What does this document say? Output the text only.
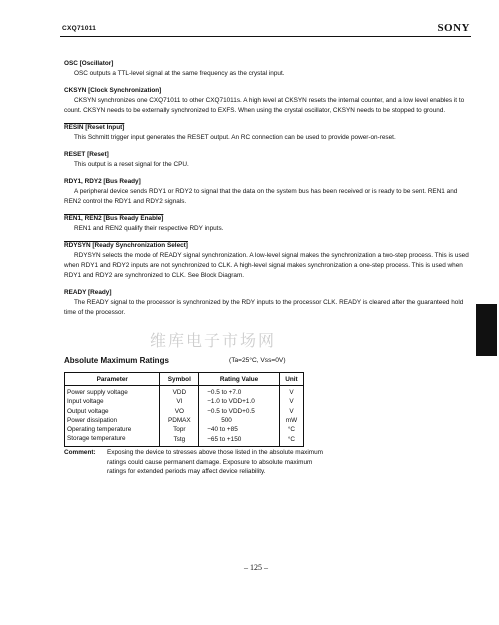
CXQ71011	SONY
OSC [Oscillator]
OSC outputs a TTL-level signal at the same frequency as the crystal input.
CKSYN [Clock Synchronization]
CKSYN synchronizes one CXQ71011 to other CXQ71011s. A high level at CKSYN resets the internal counter, and a low level enables it to count. CKSYN needs to be externally synchronized to EXFS. When using the crystal oscillator, CKSYN needs to be stopped to ground.
RESIN [Reset Input]
This Schmitt trigger input generates the RESET output. An RC connection can be used to provide power-on-reset.
RESET [Reset]
This output is a reset signal for the CPU.
RDY1, RDY2 [Bus Ready]
A peripheral device sends RDY1 or RDY2 to signal that the data on the system bus has been received or is ready to be sent. REN1 and REN2 control the RDY1 and RDY2 signals.
REN1, REN2 [Bus Ready Enable]
REN1 and REN2 qualify their respective RDY inputs.
RDYSYN [Ready Synchronization Select]
RDYSYN selects the mode of READY signal synchronization. A low-level signal makes the synchronization a two-step process. This is used when RDY1 and RDY2 inputs are not synchronized to CLK. A high-level signal makes synchronization a one-step process. This is used when RDY1 and RDY2 are synchronized to CLK. See Block Diagram.
READY [Ready]
The READY signal to the processor is synchronized by the RDY inputs to the processor CLK. READY is cleared after the guaranteed hold time of the processor.
维库电子市场网
Absolute Maximum Ratings	(Ta=25°C, Vss=0V)
Parameter	Symbol	Rating Value	Unit
Power supply voltage	VDD	−0.5 to +7.0	V
Input voltage	VI	−1.0 to VDD+1.0	V
Output voltage	VO	−0.5 to VDD+0.5	V
Power dissipation	PDMAX	500	mW
Operating temperature	Topr	−40 to +85	°C
Storage temperature	Tstg	−65 to +150	°C
Comment: Exposing the device to stresses above those listed in the absolute maximum ratings could cause permanent damage. Exposure to absolute maximum ratings for extended periods may affect device reliability.
– 125 –
